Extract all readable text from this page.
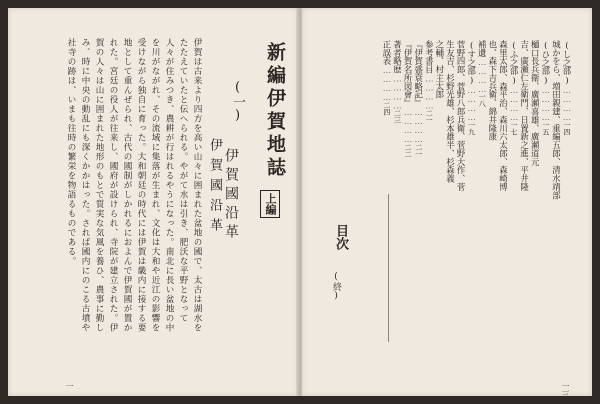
新編伊賀地誌
上編
(一)
伊賀國沿革
伊賀國沿革
伊賀は古来より四方を高い山々に囲まれた盆地の國で、太古は湖水をたたえていたと伝へられる。やがて水は引き、肥沃な平野となって人々が住みつき、農耕が行はれるやうになった。南北に長い盆地の中を川がながれ、その流域に集落が生まれ、文化は大和や近江の影響を受けながら独自に育った。大和朝廷の時代には伊賀は畿内に接する要地として重んぜられ、古代の國制がしかれるにおよんで伊賀國が置かれた。宮廷の役人が往来し、國府が設けられ、寺院が建立された。伊賀の人々は山に囲まれた地形のもとで質実な気風を養ひ、農事に勤しみ、時に中央の動乱にも深くかかはった。されば國内にのこる古墳や社寺の跡は、いまも往時の繁栄を物語るものである。
一
(し之部)…………一四
城かをら、増田親建、重編五郎、清水靖部
(ひ之部)…………一五
樋口長兵衛、廣瀬喜雄、廣瀬道元
吉、廣瀬仁左衛門、日置新之進、平井隆
(ふ之部)…………一七
森里太郎、森平治、森川六太郎、森崎博
也、森下吉兵衛、綿井隆康
補遺…………一八
(す之部)…………一九
菅野四郎、菅野八郎兵衛、菅野大作、菅
生友吉、杉野光雄、杉本雄半、杉森義
之輔、村主太郎
参考書目…………二一
『伊賀盛衰略記』…………二一
『伊賀名所図會』…………二二
著者略歴…………二三
正誤表…………二四
目次
(終)
一三
